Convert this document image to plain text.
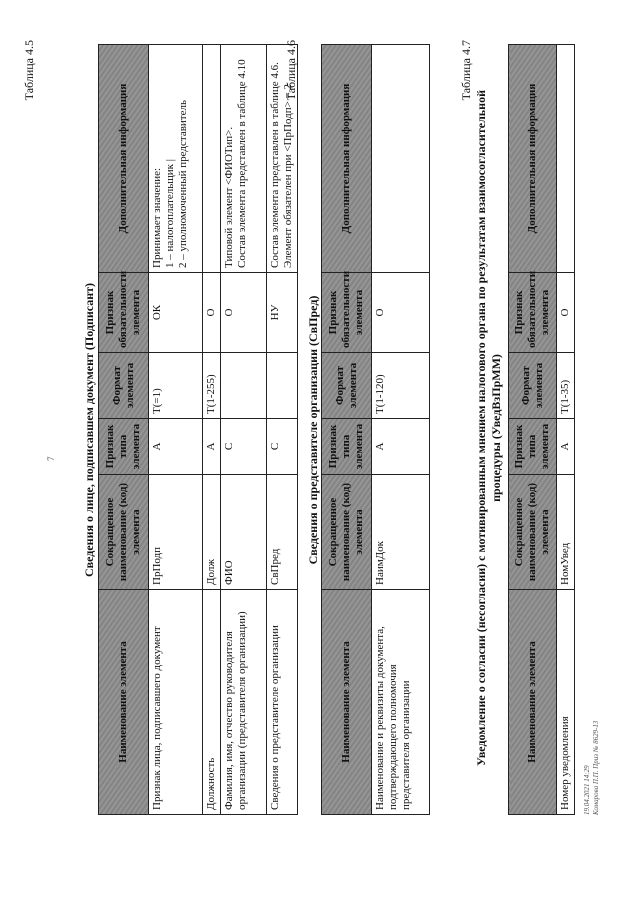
7
Таблица 4.5
Сведения о лице, подписавшем документ (Подписант)
Наименование элемента	Сокращенное наименование (код) элемента	Признак типа элемента	Формат элемента	Признак обязательности элемента	Дополнительная информация
Признак лица, подписавшего документ	ПрПодп	А	Т(=1)	ОК	Принимает значение:
1 – налогоплательщик |
2 – уполномоченный представитель
Должность	Долж	А	Т(1-255)	О	
Фамилия, имя, отчество руководителя организации (представителя организации)	ФИО	С		О	Типовой элемент <ФИОТип>.
Состав элемента представлен в таблице 4.10
Сведения о представителе организации	СвПред	С		НУ	Состав элемента представлен в таблице 4.6.
Элемент обязателен при <ПрПодп> = 2
Таблица 4.6
Сведения о представителе организации (СвПред)
Наименование элемента	Сокращенное наименование (код) элемента	Признак типа элемента	Формат элемента	Признак обязательности элемента	Дополнительная информация
Наименование и реквизиты документа, подтверждающего полномочия представителя организации	НаимДок	А	Т(1-120)	О	
Таблица 4.7
Уведомление о согласии (несогласии) с мотивированным мнением налогового органа по результатам взаимосогласительной процедуры (УведВзПрММ)
Наименование элемента	Сокращенное наименование (код) элемента	Признак типа элемента	Формат элемента	Признак обязательности элемента	Дополнительная информация
Номер уведомления	НомУвед	А	Т(1-35)	О	
19.04.2021 14:29 Комарова П.П. Приз № 8629-13
